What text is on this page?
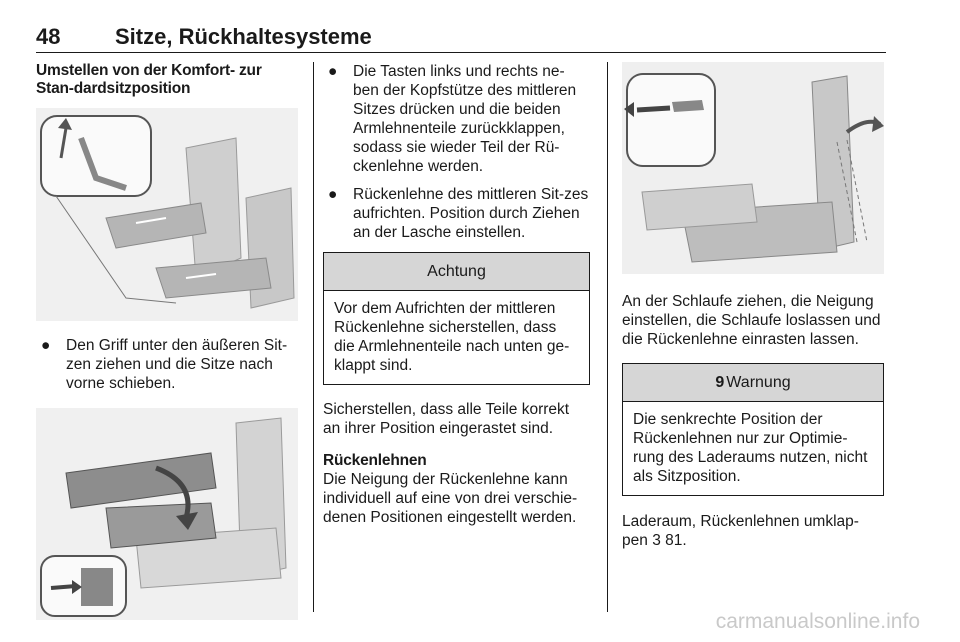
48 Sitze, Rückhaltesysteme
Umstellen von der Komfort- zur Stan-dardsitzposition
● Den Griff unter den äußeren Sit-zen ziehen und die Sitze nach vorne schieben.

● Die Tasten links und rechts ne-ben der Kopfstütze des mittleren Sitzes drücken und die beiden Armlehnenteile zurückklappen, sodass sie wieder Teil der Rü-ckenlehne werden.

● Rückenlehne des mittleren Sit-zes aufrichten. Position durch Ziehen an der Lasche einstellen.

Achtung
Vor dem Aufrichten der mittleren Rückenlehne sicherstellen, dass die Armlehnenteile nach unten ge-klappt sind.

Sicherstellen, dass alle Teile korrekt an ihrer Position eingerastet sind.

Rückenlehnen

Die Neigung der Rückenlehne kann individuell auf eine von drei verschie-denen Positionen eingestellt werden.

An der Schlaufe ziehen, die Neigung einstellen, die Schlaufe loslassen und die Rückenlehne einrasten lassen.

9 Warnung
Die senkrechte Position der Rückenlehnen nur zur Optimie-rung des Laderaums nutzen, nicht als Sitzposition.

Laderaum, Rückenlehnen umklap-pen 3 81.

carmanualsonline.info
